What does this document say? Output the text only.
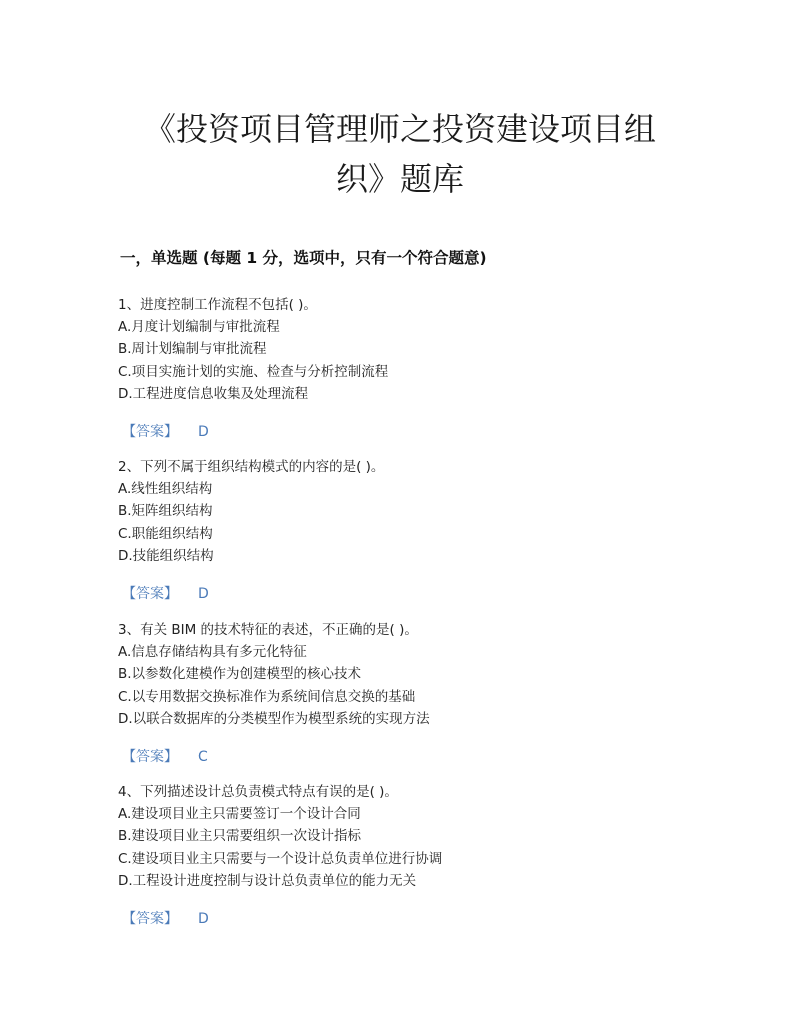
《投资项目管理师之投资建设项目组
织》题库
一，单选题 (每题 1 分，选项中，只有一个符合题意)
1、进度控制工作流程不包括( )。
A.月度计划编制与审批流程
B.周计划编制与审批流程
C.项目实施计划的实施、检查与分析控制流程
D.工程进度信息收集及处理流程
【答案】 D
2、下列不属于组织结构模式的内容的是( )。
A.线性组织结构
B.矩阵组织结构
C.职能组织结构
D.技能组织结构
【答案】 D
3、有关 BIM 的技术特征的表述，不正确的是( )。
A.信息存储结构具有多元化特征
B.以参数化建模作为创建模型的核心技术
C.以专用数据交换标准作为系统间信息交换的基础
D.以联合数据库的分类模型作为模型系统的实现方法
【答案】 C
4、下列描述设计总负责模式特点有误的是( )。
A.建设项目业主只需要签订一个设计合同
B.建设项目业主只需要组织一次设计指标
C.建设项目业主只需要与一个设计总负责单位进行协调
D.工程设计进度控制与设计总负责单位的能力无关
【答案】 D
